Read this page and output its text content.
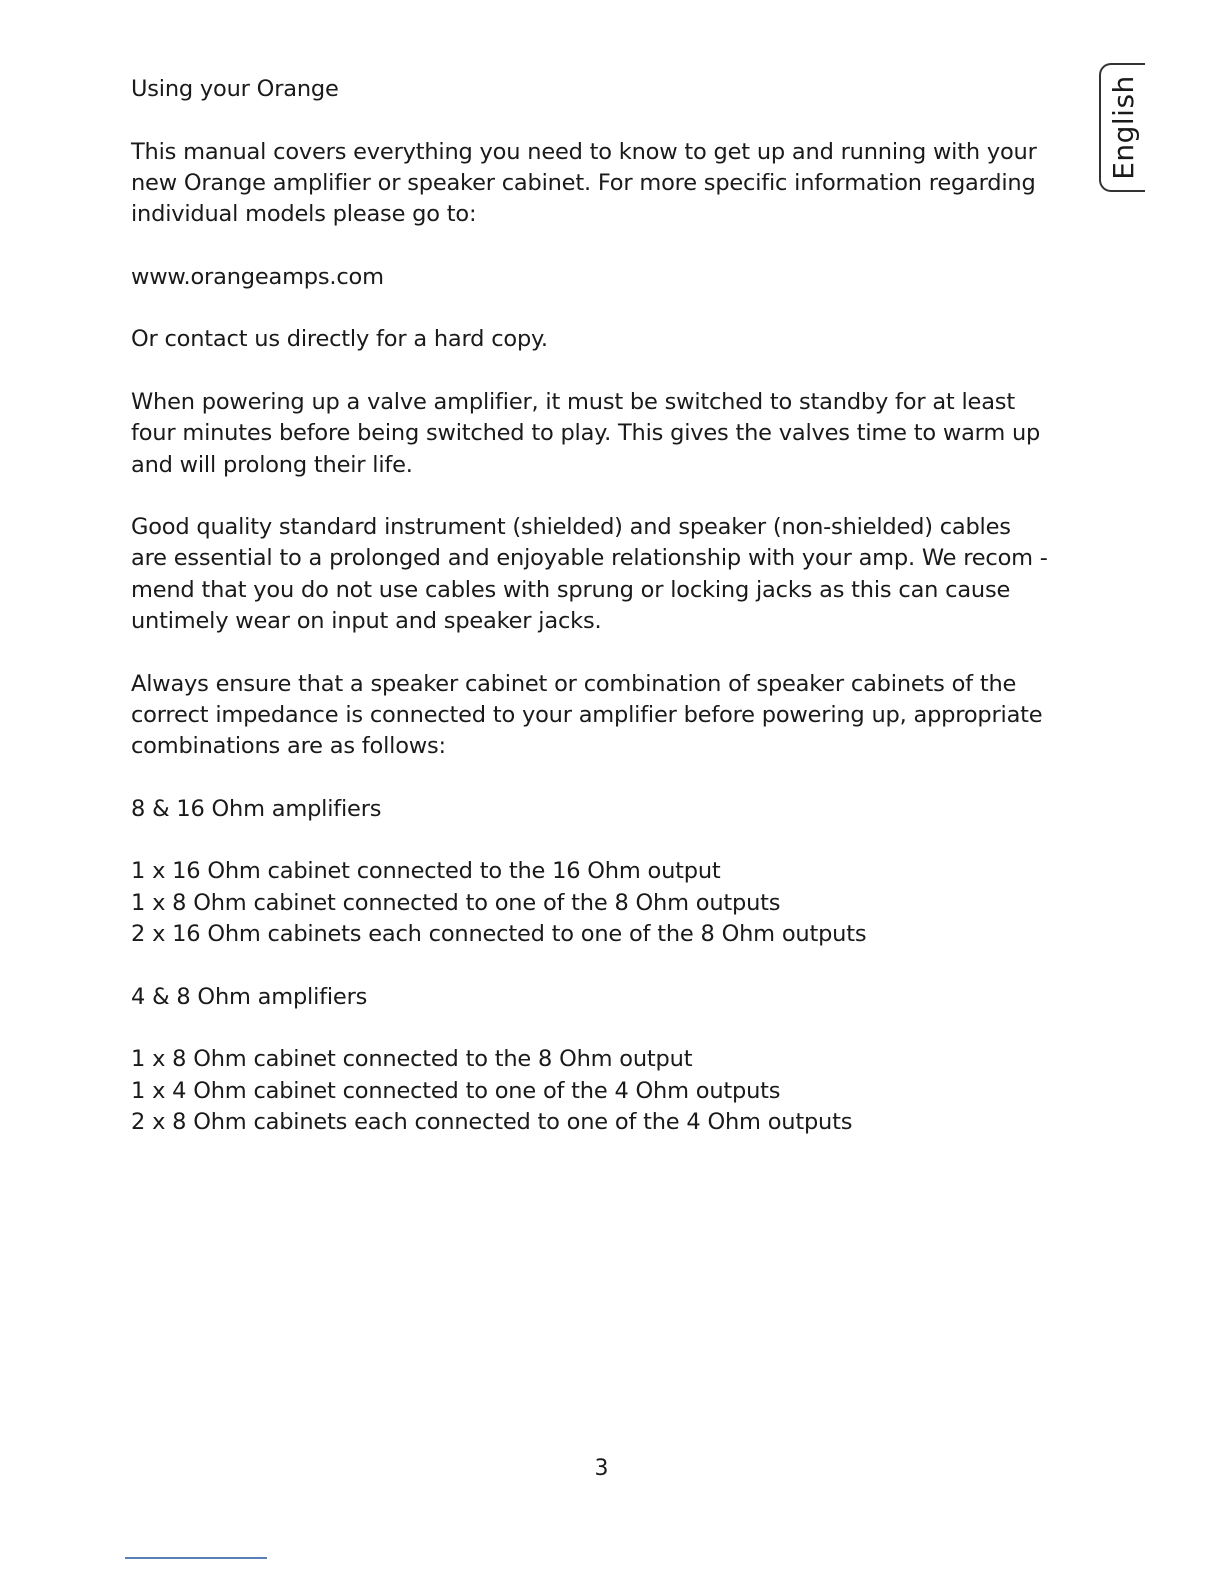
English

Using your Orange

This manual covers everything you need to know to get up and running with your

new Orange amplifier or speaker cabinet. For more specific information regarding

individual models please go to:

www.orangeamps.com

Or contact us directly for a hard copy.

When powering up a valve amplifier, it must be switched to standby for at least

four minutes before being switched to play. This gives the valves time to warm up

and will prolong their life.

Good quality standard instrument (shielded) and speaker (non-shielded) cables

are essential to a prolonged and enjoyable relationship with your amp. We recom -

mend that you do not use cables with sprung or locking jacks as this can cause

untimely wear on input and speaker jacks.

Always ensure that a speaker cabinet or combination of speaker cabinets of the

correct impedance is connected to your amplifier before powering up, appropriate

combinations are as follows:

8 & 16 Ohm amplifiers

1 x 16 Ohm cabinet connected to the 16 Ohm output

1 x 8 Ohm cabinet connected to one of the 8 Ohm outputs

2 x 16 Ohm cabinets each connected to one of the 8 Ohm outputs

4 & 8 Ohm amplifiers

1 x 8 Ohm cabinet connected to the 8 Ohm output

1 x 4 Ohm cabinet connected to one of the 4 Ohm outputs

2 x 8 Ohm cabinets each connected to one of the 4 Ohm outputs

3
